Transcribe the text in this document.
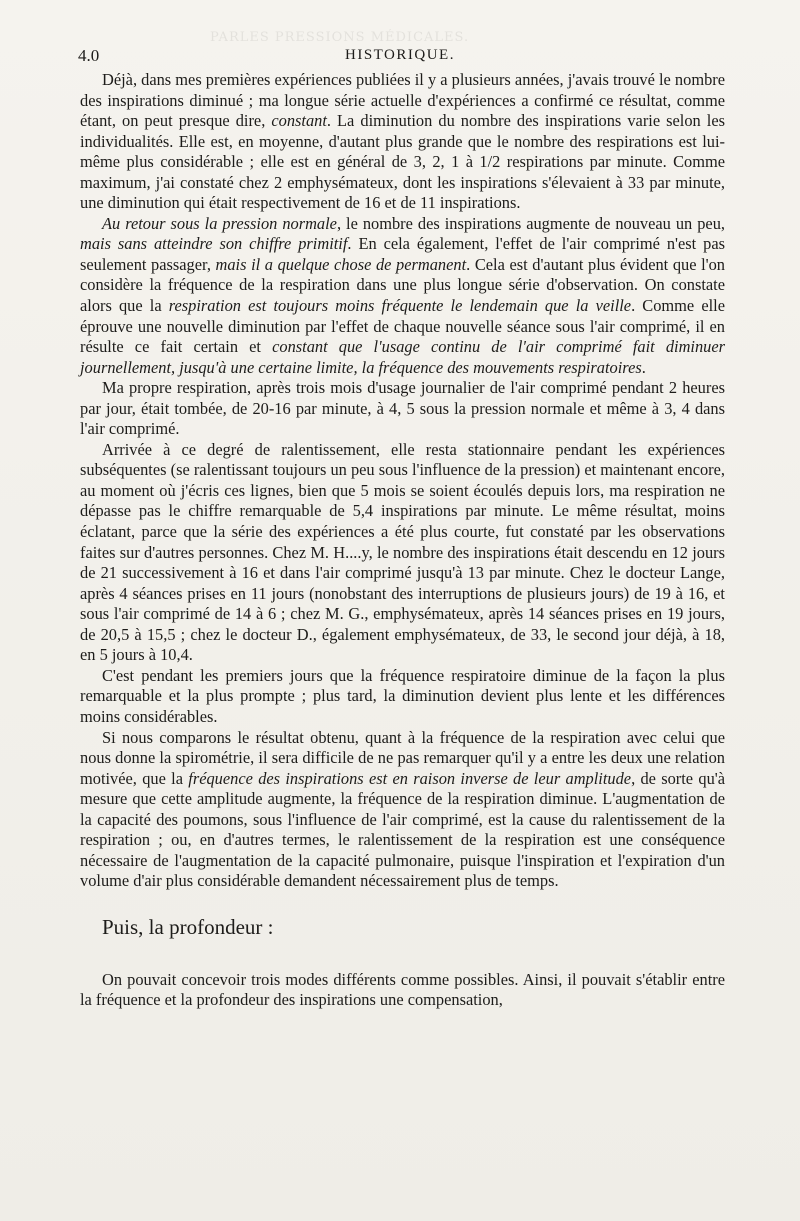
PARLES PRESSIONS MÉDICALES.
4.0	HISTORIQUE.

Déjà, dans mes premières expériences publiées il y a plusieurs années, j'avais trouvé le nombre des inspirations diminué ; ma longue série actuelle d'expériences a confirmé ce résultat, comme étant, on peut presque dire, constant. La diminution du nombre des inspirations varie selon les individualités. Elle est, en moyenne, d'autant plus grande que le nombre des respirations est lui-même plus considérable ; elle est en général de 3, 2, 1 à 1/2 respirations par minute. Comme maximum, j'ai constaté chez 2 emphysémateux, dont les inspirations s'élevaient à 33 par minute, une diminution qui était respectivement de 16 et de 11 inspirations.

Au retour sous la pression normale, le nombre des inspirations augmente de nouveau un peu, mais sans atteindre son chiffre primitif. En cela également, l'effet de l'air comprimé n'est pas seulement passager, mais il a quelque chose de permanent. Cela est d'autant plus évident que l'on considère la fréquence de la respiration dans une plus longue série d'observation. On constate alors que la respiration est toujours moins fréquente le lendemain que la veille. Comme elle éprouve une nouvelle diminution par l'effet de chaque nouvelle séance sous l'air comprimé, il en résulte ce fait certain et constant que l'usage continu de l'air comprimé fait diminuer journellement, jusqu'à une certaine limite, la fréquence des mouvements respiratoires.

Ma propre respiration, après trois mois d'usage journalier de l'air comprimé pendant 2 heures par jour, était tombée, de 20-16 par minute, à 4, 5 sous la pression normale et même à 3, 4 dans l'air comprimé.

Arrivée à ce degré de ralentissement, elle resta stationnaire pendant les expériences subséquentes (se ralentissant toujours un peu sous l'influence de la pression) et maintenant encore, au moment où j'écris ces lignes, bien que 5 mois se soient écoulés depuis lors, ma respiration ne dépasse pas le chiffre remarquable de 5,4 inspirations par minute. Le même résultat, moins éclatant, parce que la série des expériences a été plus courte, fut constaté par les observations faites sur d'autres personnes. Chez M. H....y, le nombre des inspirations était descendu en 12 jours de 21 successivement à 16 et dans l'air comprimé jusqu'à 13 par minute. Chez le docteur Lange, après 4 séances prises en 11 jours (nonobstant des interruptions de plusieurs jours) de 19 à 16, et sous l'air comprimé de 14 à 6 ; chez M. G., emphysémateux, après 14 séances prises en 19 jours, de 20,5 à 15,5 ; chez le docteur D., également emphysémateux, de 33, le second jour déjà, à 18, en 5 jours à 10,4.

C'est pendant les premiers jours que la fréquence respiratoire diminue de la façon la plus remarquable et la plus prompte ; plus tard, la diminution devient plus lente et les différences moins considérables.

Si nous comparons le résultat obtenu, quant à la fréquence de la respiration avec celui que nous donne la spirométrie, il sera difficile de ne pas remarquer qu'il y a entre les deux une relation motivée, que la fréquence des inspirations est en raison inverse de leur amplitude, de sorte qu'à mesure que cette amplitude augmente, la fréquence de la respiration diminue. L'augmentation de la capacité des poumons, sous l'influence de l'air comprimé, est la cause du ralentissement de la respiration ; ou, en d'autres termes, le ralentissement de la respiration est une conséquence nécessaire de l'augmentation de la capacité pulmonaire, puisque l'inspiration et l'expiration d'un volume d'air plus considérable demandent nécessairement plus de temps.

Puis, la profondeur :

On pouvait concevoir trois modes différents comme possibles. Ainsi, il pouvait s'établir entre la fréquence et la profondeur des inspirations une compensation,
